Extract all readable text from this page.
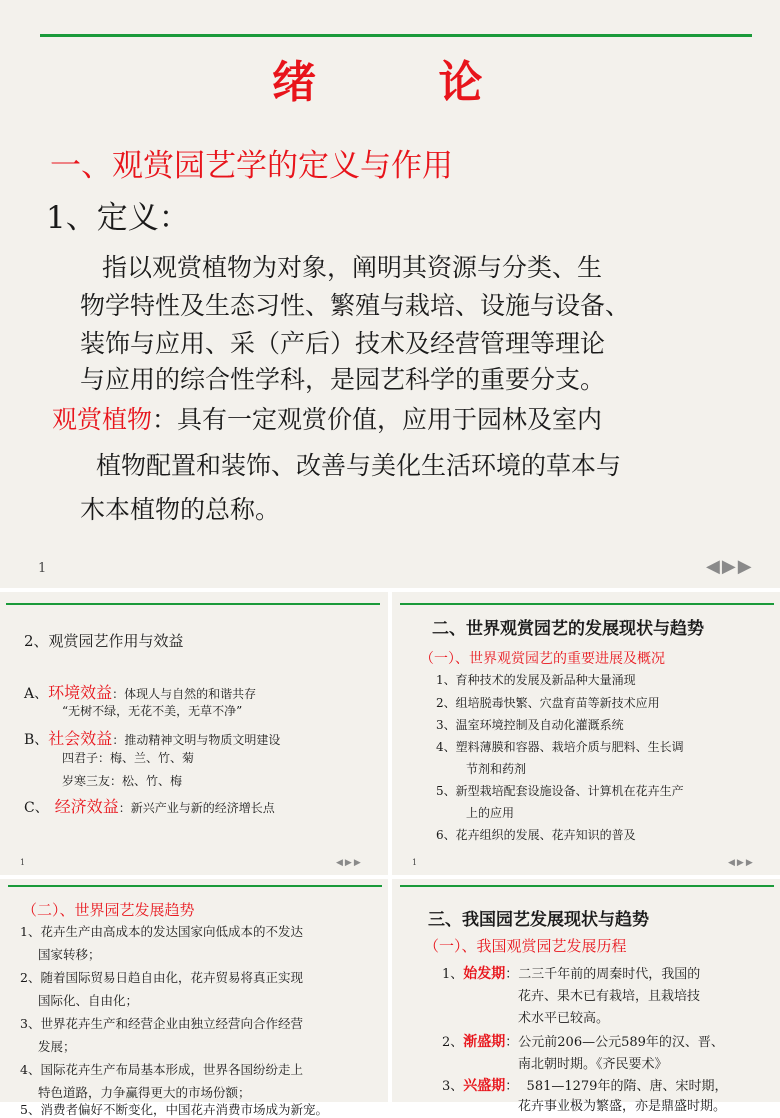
绪        论
一、观赏园艺学的定义与作用
1、定义：
指以观赏植物为对象，阐明其资源与分类、生
物学特性及生态习性、繁殖与栽培、设施与设备、
装饰与应用、采（产后）技术及经营管理等理论
与应用的综合性学科，是园艺科学的重要分支。
观赏植物：具有一定观赏价值，应用于园林及室内
植物配置和装饰、改善与美化生活环境的草本与
木本植物的总称。
1	◀ ▶ ▶
2、观赏园艺作用与效益
A、环境效益：体现人与自然的和谐共存
“无树不绿，无花不美，无草不净”
B、社会效益：推动精神文明与物质文明建设
四君子：梅、兰、竹、菊
岁寒三友：松、竹、梅
C、 经济效益：新兴产业与新的经济增长点
1	◀ ▶ ▶
二、世界观赏园艺的发展现状与趋势
（一）、世界观赏园艺的重要进展及概况
1、育种技术的发展及新品种大量涌现
2、组培脱毒快繁、穴盘育苗等新技术应用
3、温室环境控制及自动化灌溉系统
4、塑料薄膜和容器、栽培介质与肥料、生长调
节剂和药剂
5、新型栽培配套设施设备、计算机在花卉生产
上的应用
6、花卉组织的发展、花卉知识的普及
1	◀ ▶ ▶
（二）、世界园艺发展趋势
1、花卉生产由高成本的发达国家向低成本的不发达
国家转移；
2、随着国际贸易日趋自由化，花卉贸易将真正实现
国际化、自由化；
3、世界花卉生产和经营企业由独立经营向合作经营
发展；
4、国际花卉生产布局基本形成，世界各国纷纷走上
特色道路，力争赢得更大的市场份额；
5、消费者偏好不断变化，中国花卉消费市场成为新宠。
三、我国园艺发展现状与趋势
（一）、我国观赏园艺发展历程
1、始发期：二三千年前的周秦时代，我国的
花卉、果木已有栽培，且栽培技
术水平已较高。
2、渐盛期：公元前206—公元589年的汉、晋、
南北朝时期。《齐民要术》
3、兴盛期：  581—1279年的隋、唐、宋时期，
花卉事业极为繁盛，亦是鼎盛时期。
